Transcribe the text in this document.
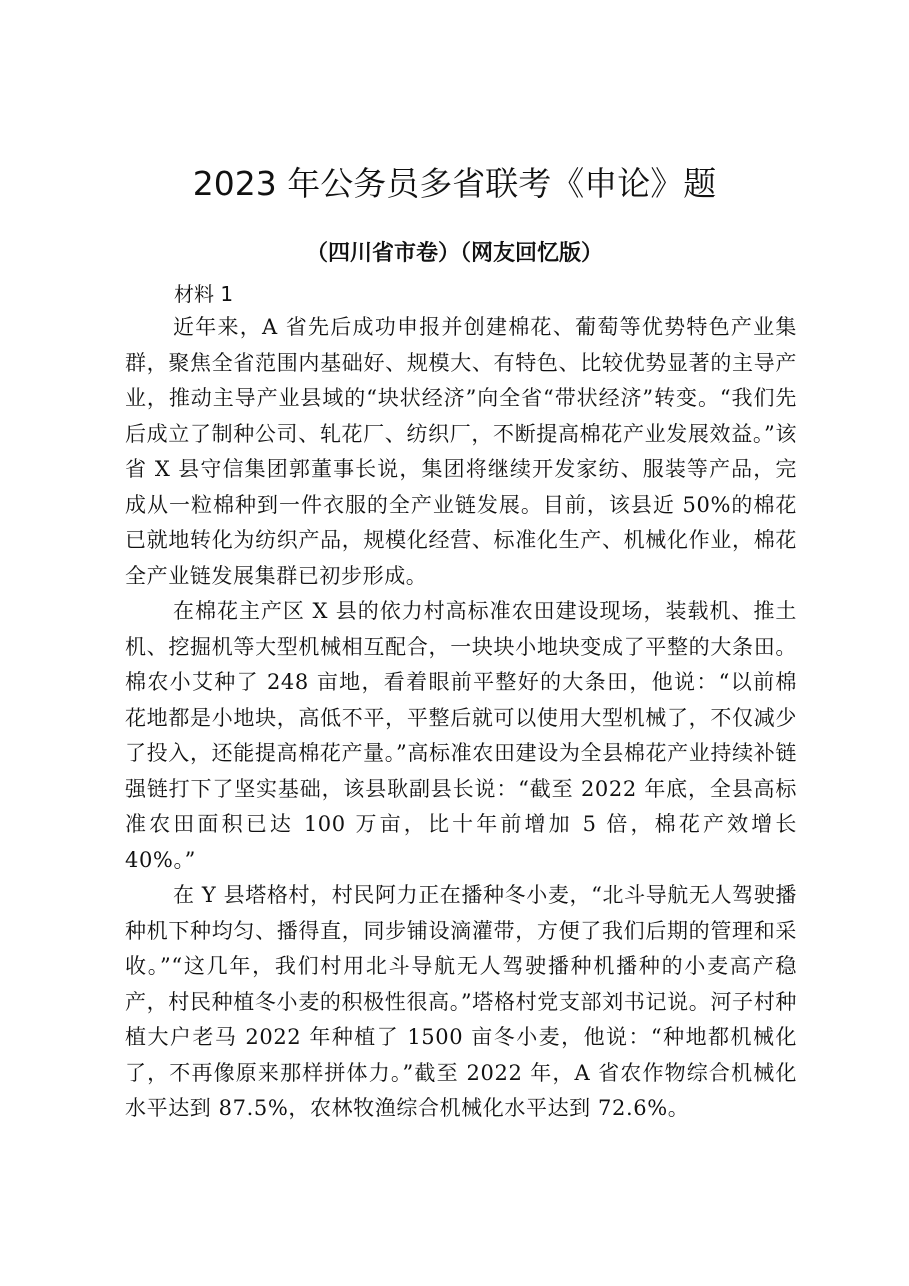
2023 年公务员多省联考《申论》题
（四川省市卷）（网友回忆版）

材料 1

近年来，A 省先后成功申报并创建棉花、葡萄等优势特色产业集群，聚焦全省范围内基础好、规模大、有特色、比较优势显著的主导产业，推动主导产业县域的“块状经济”向全省“带状经济”转变。“我们先后成立了制种公司、轧花厂、纺织厂，不断提高棉花产业发展效益。”该省 X 县守信集团郭董事长说，集团将继续开发家纺、服装等产品，完成从一粒棉种到一件衣服的全产业链发展。目前，该县近 50%的棉花已就地转化为纺织产品，规模化经营、标准化生产、机械化作业，棉花全产业链发展集群已初步形成。

在棉花主产区 X 县的依力村高标准农田建设现场，装载机、推土机、挖掘机等大型机械相互配合，一块块小地块变成了平整的大条田。棉农小艾种了 248 亩地，看着眼前平整好的大条田，他说：“以前棉花地都是小地块，高低不平，平整后就可以使用大型机械了，不仅减少了投入，还能提高棉花产量。”高标准农田建设为全县棉花产业持续补链强链打下了坚实基础，该县耿副县长说：“截至 2022 年底，全县高标准农田面积已达 100 万亩，比十年前增加 5 倍，棉花产效增长 40%。”

在 Y 县塔格村，村民阿力正在播种冬小麦，“北斗导航无人驾驶播种机下种均匀、播得直，同步铺设滴灌带，方便了我们后期的管理和采收。”“这几年，我们村用北斗导航无人驾驶播种机播种的小麦高产稳产，村民种植冬小麦的积极性很高。”塔格村党支部刘书记说。河子村种植大户老马 2022 年种植了 1500 亩冬小麦，他说：“种地都机械化了，不再像原来那样拼体力。”截至 2022 年，A 省农作物综合机械化水平达到 87.5%，农林牧渔综合机械化水平达到 72.6%。
